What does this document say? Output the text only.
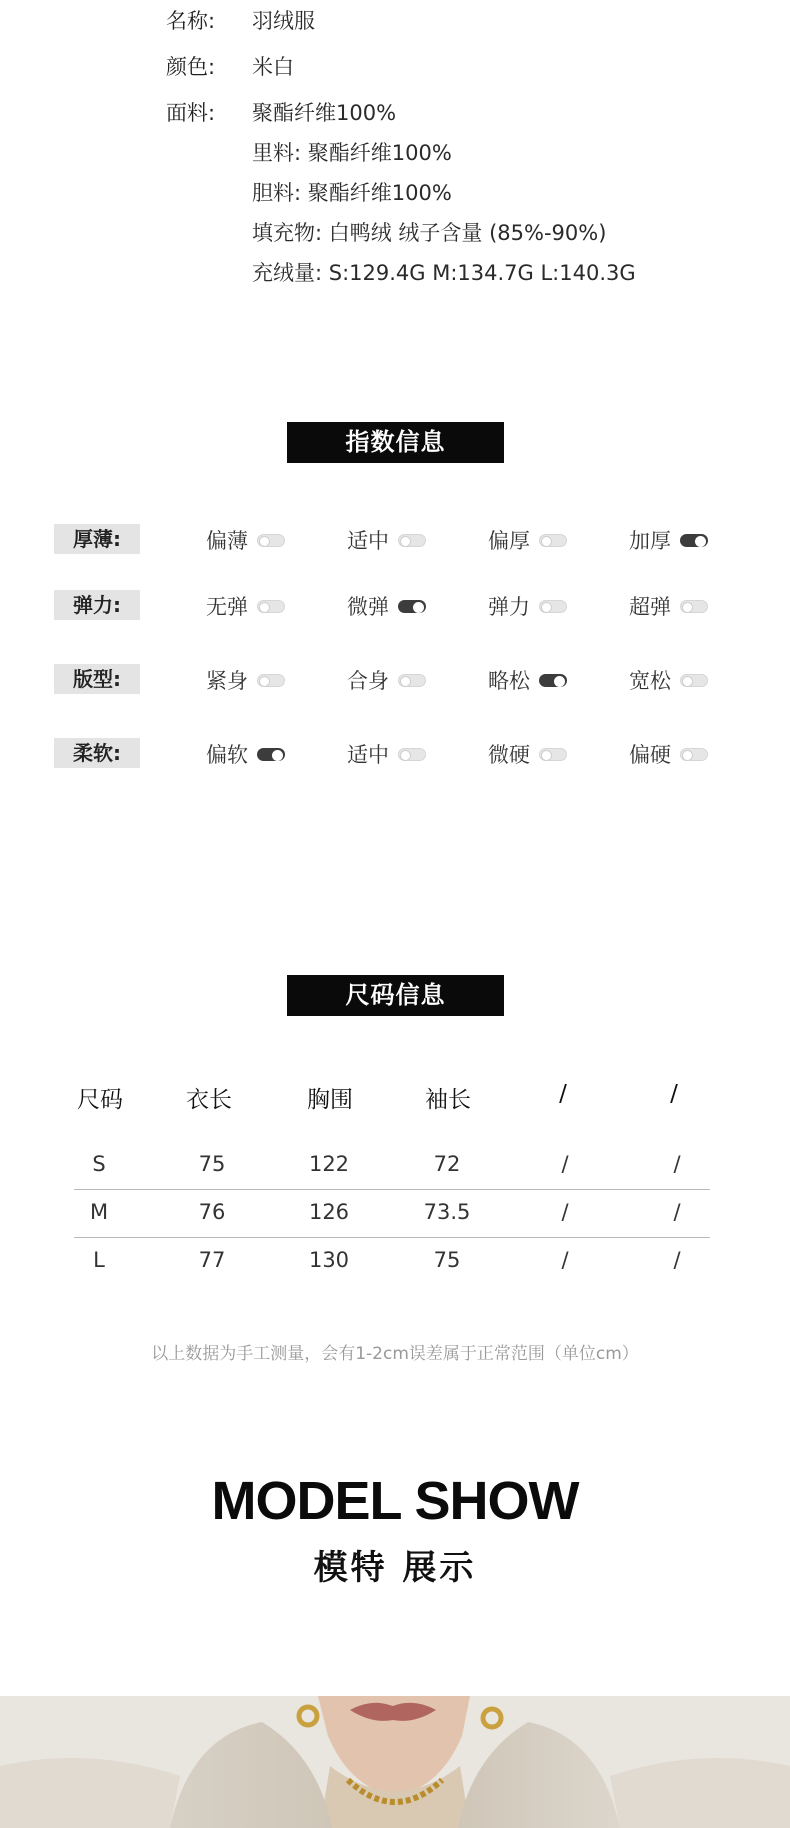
名称:	羽绒服
颜色:	米白
面料:	聚酯纤维100%
里料: 聚酯纤维100%
胆料: 聚酯纤维100%
填充物: 白鸭绒 绒子含量 (85%-90%)
充绒量: S:129.4G M:134.7G L:140.3G
指数信息
厚薄:	偏薄	适中	偏厚	加厚
弹力:	无弹	微弹	弹力	超弹
版型:	紧身	合身	略松	宽松
柔软:	偏软	适中	微硬	偏硬
尺码信息
尺码	衣长	胸围	袖长	/	/
S	75	122	72	/	/
M	76	126	73.5	/	/
L	77	130	75	/	/
以上数据为手工测量，会有1-2cm误差属于正常范围（单位cm）
MODEL SHOW
模特 展示
